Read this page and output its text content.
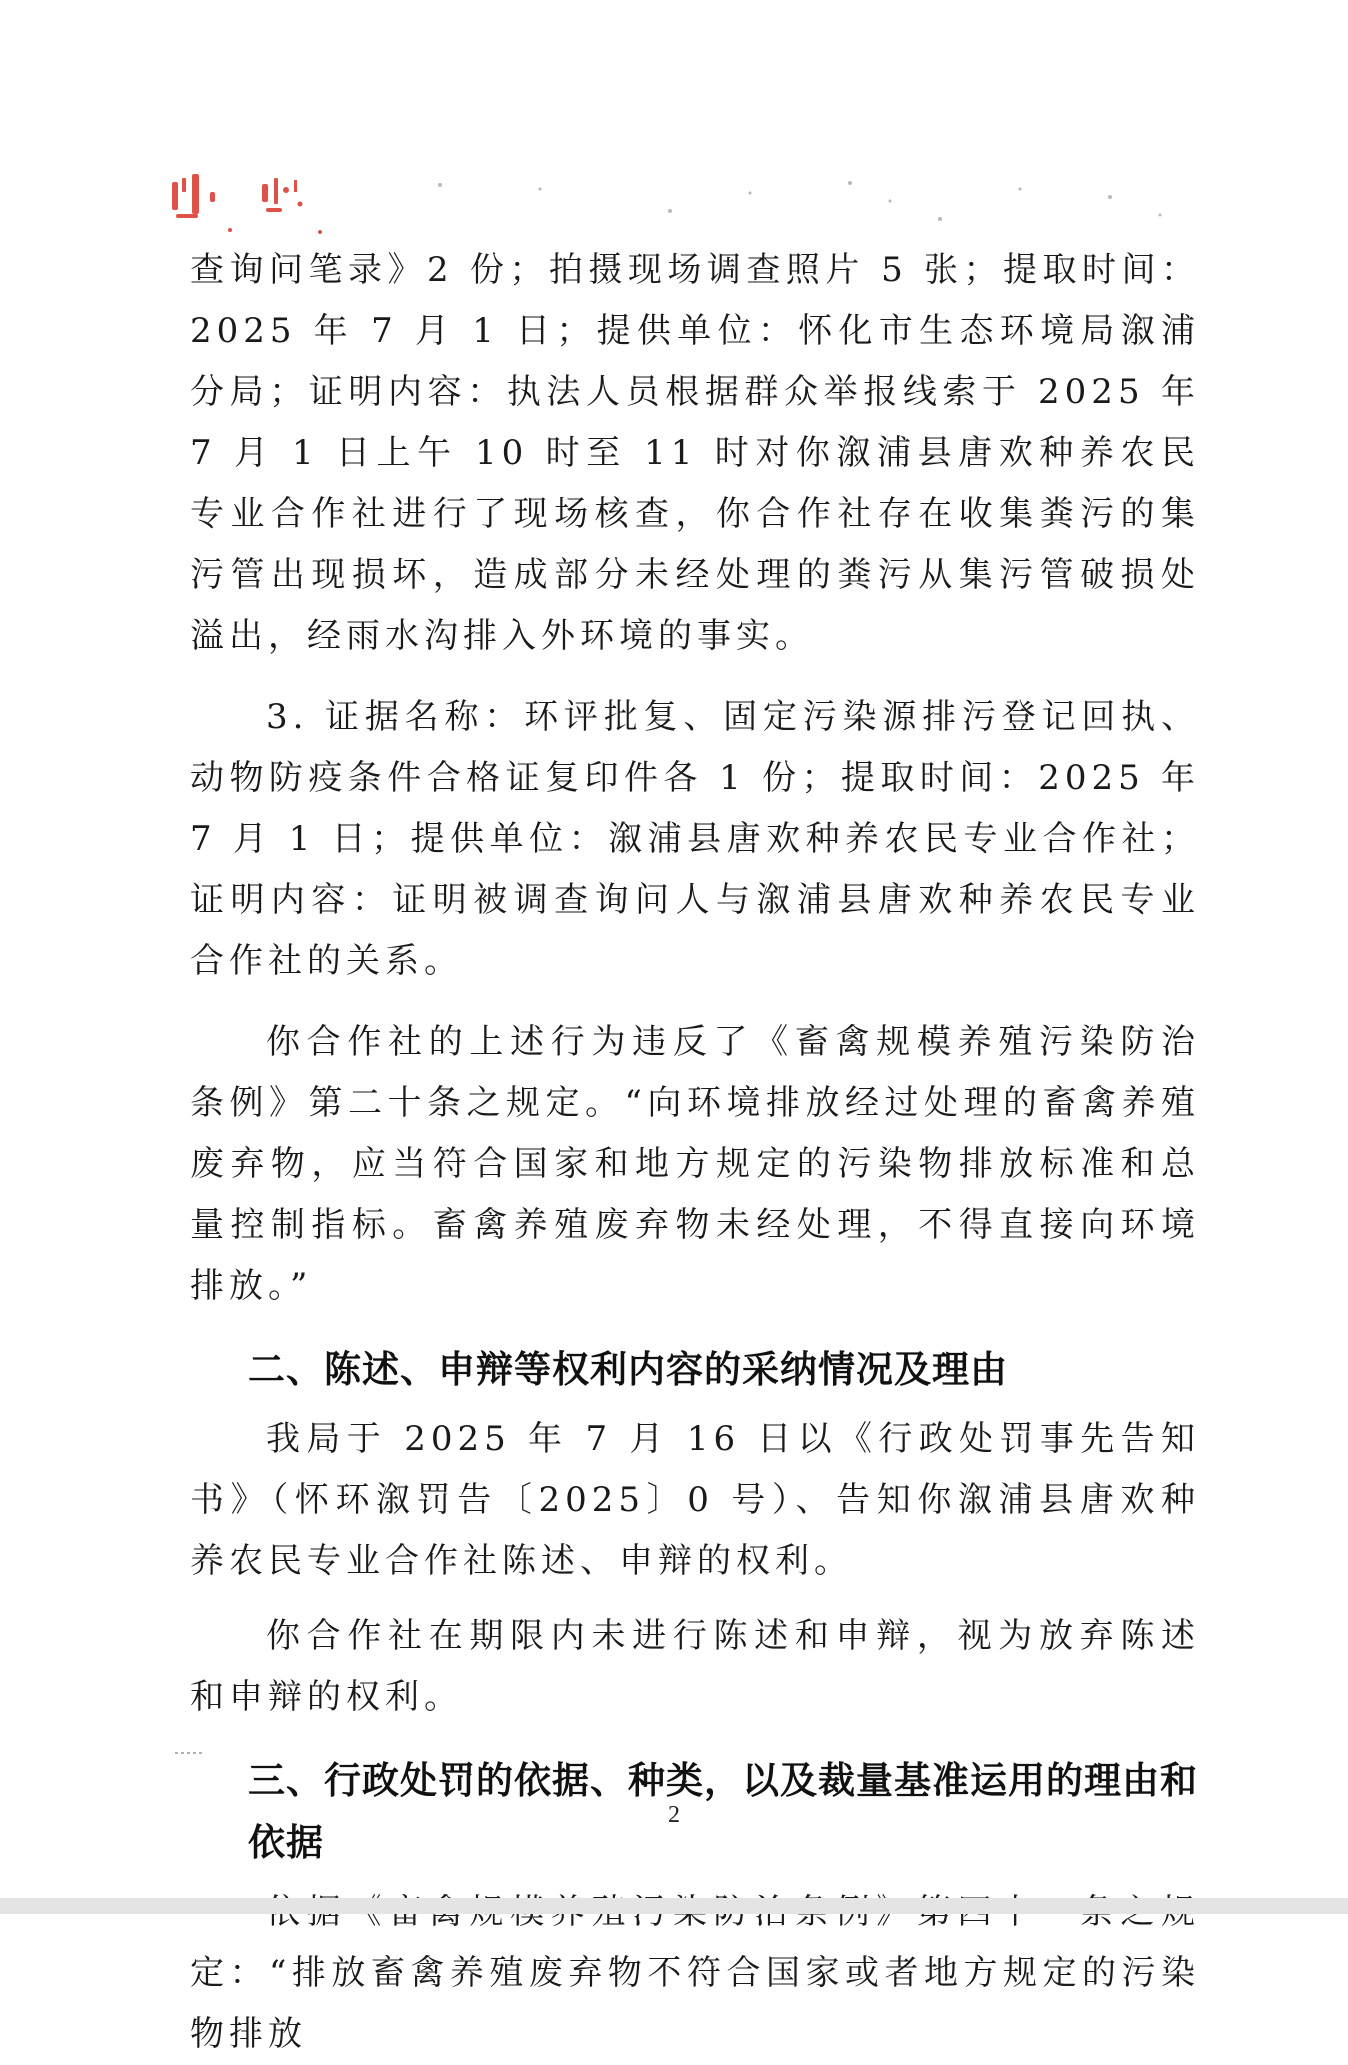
查询问笔录》2 份；拍摄现场调查照片 5 张；提取时间：2025 年 7 月 1 日；提供单位：怀化市生态环境局溆浦分局；证明内容：执法人员根据群众举报线索于 2025 年 7 月 1 日上午 10 时至 11 时对你溆浦县唐欢种养农民专业合作社进行了现场核查，你合作社存在收集粪污的集污管出现损坏，造成部分未经处理的粪污从集污管破损处溢出，经雨水沟排入外环境的事实。

3. 证据名称：环评批复、固定污染源排污登记回执、动物防疫条件合格证复印件各 1 份；提取时间：2025 年 7 月 1 日；提供单位：溆浦县唐欢种养农民专业合作社；证明内容：证明被调查询问人与溆浦县唐欢种养农民专业合作社的关系。

你合作社的上述行为违反了《畜禽规模养殖污染防治条例》第二十条之规定。“向环境排放经过处理的畜禽养殖废弃物，应当符合国家和地方规定的污染物排放标准和总量控制指标。畜禽养殖废弃物未经处理，不得直接向环境排放。”

二、陈述、申辩等权利内容的采纳情况及理由

我局于 2025 年 7 月 16 日以《行政处罚事先告知书》（怀环溆罚告〔2025〕0 号）、告知你溆浦县唐欢种养农民专业合作社陈述、申辩的权利。

你合作社在期限内未进行陈述和申辩，视为放弃陈述和申辩的权利。

三、行政处罚的依据、种类，以及裁量基准运用的理由和依据

定：“排放畜禽养殖废弃物不符合国家或者地方规定的污染物排放

2
